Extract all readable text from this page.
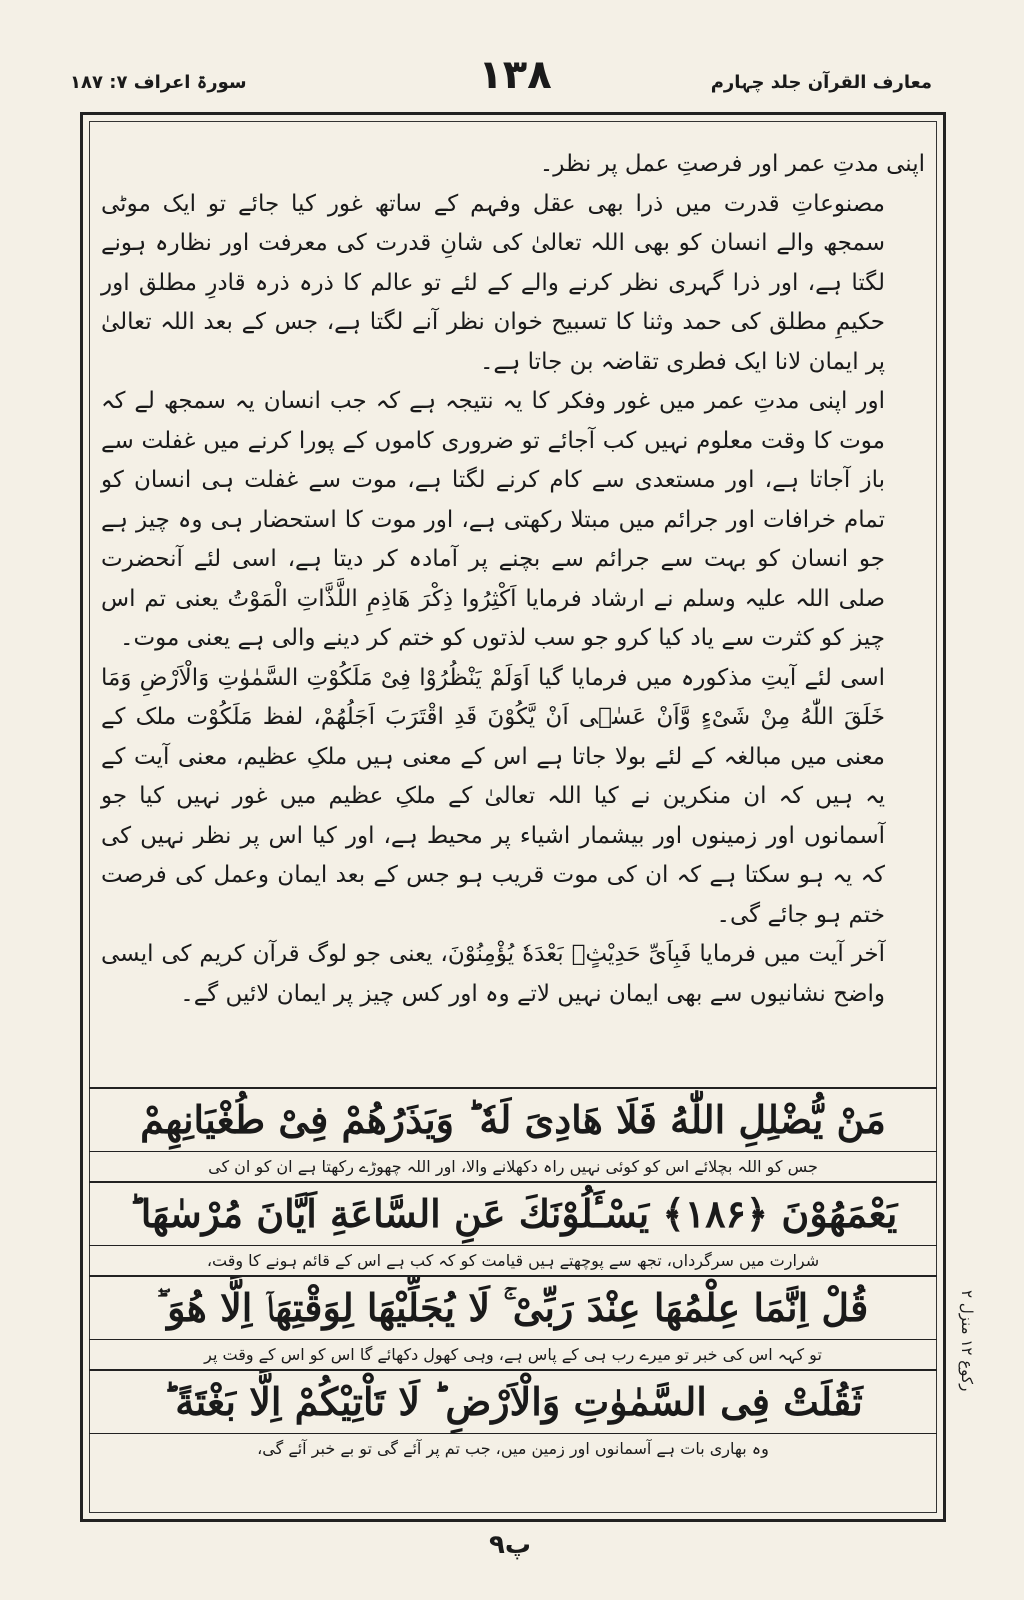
سورۃ اعراف ۷: ۱۸۷	۱۳۸	معارف القرآن جلد چہارم

اپنی مدتِ عمر اور فرصتِ عمل پر نظر۔

مصنوعاتِ قدرت میں ذرا بھی عقل وفہم کے ساتھ غور کیا جائے تو ایک موٹی سمجھ والے انسان کو بھی اللہ تعالیٰ کی شانِ قدرت کی معرفت اور نظارہ ہونے لگتا ہے، اور ذرا گہری نظر کرنے والے کے لئے تو عالم کا ذرہ ذرہ قادرِ مطلق اور حکیمِ مطلق کی حمد وثنا کا تسبیح خوان نظر آنے لگتا ہے، جس کے بعد اللہ تعالیٰ پر ایمان لانا ایک فطری تقاضہ بن جاتا ہے۔

اور اپنی مدتِ عمر میں غور وفکر کا یہ نتیجہ ہے کہ جب انسان یہ سمجھ لے کہ موت کا وقت معلوم نہیں کب آجائے تو ضروری کاموں کے پورا کرنے میں غفلت سے باز آجاتا ہے، اور مستعدی سے کام کرنے لگتا ہے، موت سے غفلت ہی انسان کو تمام خرافات اور جرائم میں مبتلا رکھتی ہے، اور موت کا استحضار ہی وہ چیز ہے جو انسان کو بہت سے جرائم سے بچنے پر آمادہ کر دیتا ہے، اسی لئے آنحضرت صلی اللہ علیہ وسلم نے ارشاد فرمایا اَکْثِرُوا ذِکْرَ ھَاذِمِ اللَّذَّاتِ الْمَوْتُ یعنی تم اس چیز کو کثرت سے یاد کیا کرو جو سب لذتوں کو ختم کر دینے والی ہے یعنی موت۔

اسی لئے آیتِ مذکورہ میں فرمایا گیا اَوَلَمْ یَنْظُرُوْا فِیْ مَلَکُوْتِ السَّمٰوٰتِ وَالْاَرْضِ وَمَا خَلَقَ اللّٰهُ مِنْ شَیْءٍ وَّاَنْ عَسٰۤی اَنْ یَّکُوْنَ قَدِ اقْتَرَبَ اَجَلُهُمْ، لفظ مَلَکُوْت ملک کے معنی میں مبالغہ کے لئے بولا جاتا ہے اس کے معنی ہیں ملکِ عظیم، معنی آیت کے یہ ہیں کہ ان منکرین نے کیا اللہ تعالیٰ کے ملکِ عظیم میں غور نہیں کیا جو آسمانوں اور زمینوں اور بیشمار اشیاء پر محیط ہے، اور کیا اس پر نظر نہیں کی کہ یہ ہو سکتا ہے کہ ان کی موت قریب ہو جس کے بعد ایمان وعمل کی فرصت ختم ہو جائے گی۔

آخر آیت میں فرمایا فَبِاَیِّ حَدِیْثٍۭ بَعْدَهٗ یُؤْمِنُوْنَ، یعنی جو لوگ قرآن کریم کی ایسی واضح نشانیوں سے بھی ایمان نہیں لاتے وہ اور کس چیز پر ایمان لائیں گے۔

مَنْ یُّضْلِلِ اللّٰهُ فَلَا هَادِیَ لَهٗ ؕ وَیَذَرُهُمْ فِیْ طُغْیَانِهِمْ
جس کو اللہ بچلائے اس کو کوئی نہیں راہ دکھلانے والا، اور اللہ چھوڑے رکھتا ہے ان کو ان کی
یَعْمَهُوْنَ ﴿۱۸۶﴾ یَسْـَٔلُوْنَكَ عَنِ السَّاعَةِ اَیَّانَ مُرْسٰهَا ؕ
شرارت میں سرگرداں، تجھ سے پوچھتے ہیں قیامت کو کہ کب ہے اس کے قائم ہونے کا وقت،
قُلْ اِنَّمَا عِلْمُهَا عِنْدَ رَبِّیْ ۚ لَا یُجَلِّیْهَا لِوَقْتِهَاۤ اِلَّا هُوَ ؔؕ
تو کہہ اس کی خبر تو میرے رب ہی کے پاس ہے، وہی کھول دکھائے گا اس کو اس کے وقت پر
ثَقُلَتْ فِی السَّمٰوٰتِ وَالْاَرْضِ ؕ لَا تَاْتِیْكُمْ اِلَّا بَغْتَةً ؕ
وہ بھاری بات ہے آسمانوں اور زمین میں، جب تم پر آئے گی تو بے خبر آئے گی،
رکوع ۱۲ منزل ۲
۹پ
